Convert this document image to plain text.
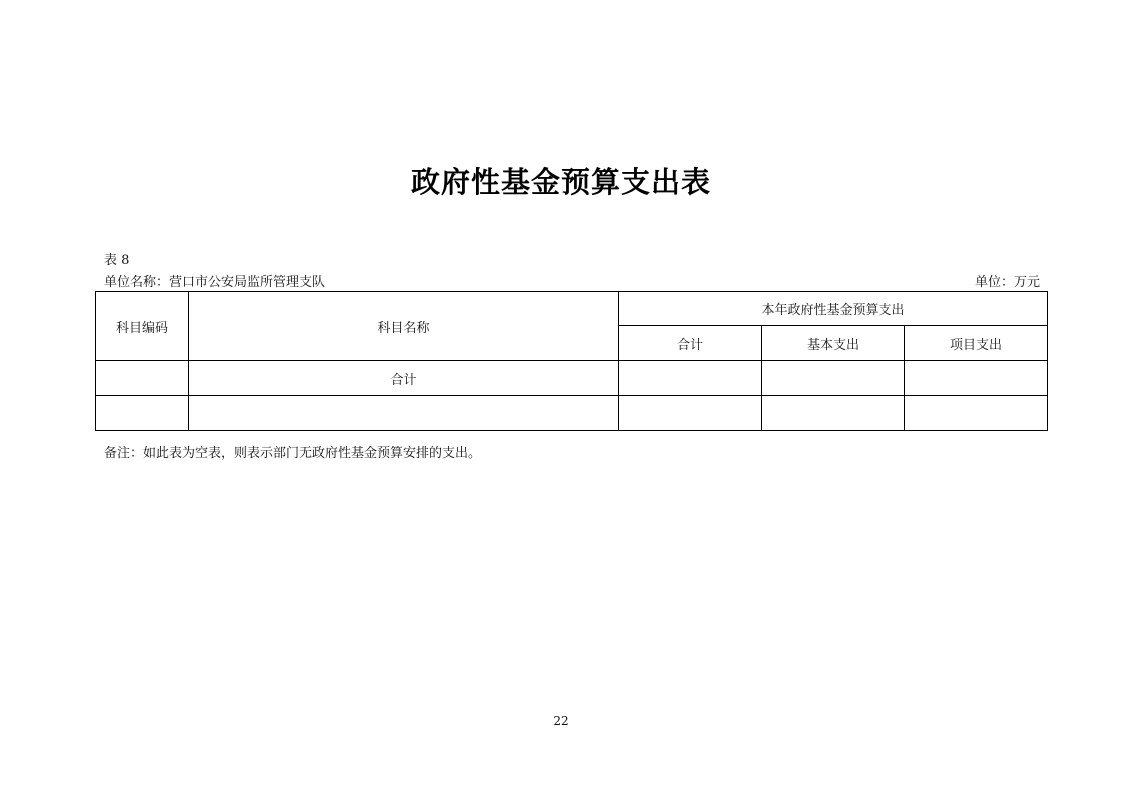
政府性基金预算支出表
表 8
单位名称：营口市公安局监所管理支队	单位：万元
科目编码	科目名称	本年政府性基金预算支出		
		合计	基本支出	项目支出
	合计			

备注：如此表为空表，则表示部门无政府性基金预算安排的支出。
22
